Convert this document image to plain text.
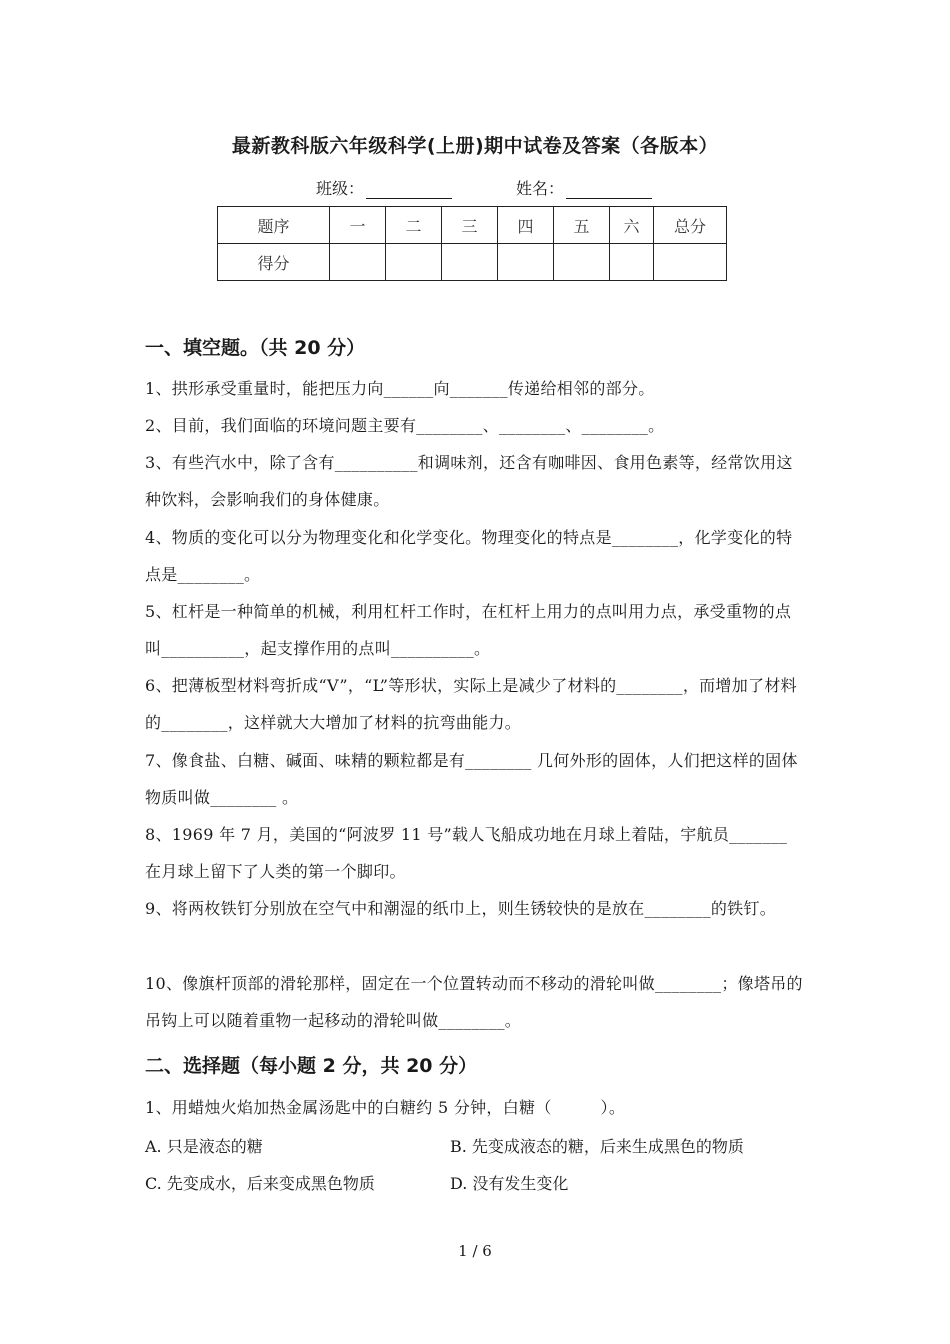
最新教科版六年级科学(上册)期中试卷及答案（各版本）
班级：	姓名：
题序	一	二	三	四	五	六	总分
得分							
一、填空题。（共 20 分）
1、拱形承受重量时，能把压力向______向_______传递给相邻的部分。
2、目前，我们面临的环境问题主要有________、________、________。
3、有些汽水中，除了含有__________和调味剂，还含有咖啡因、食用色素等，经常饮用这种饮料，会影响我们的身体健康。
4、物质的变化可以分为物理变化和化学变化。物理变化的特点是________，化学变化的特点是________。
5、杠杆是一种简单的机械，利用杠杆工作时，在杠杆上用力的点叫用力点，承受重物的点叫__________，起支撑作用的点叫__________。
6、把薄板型材料弯折成“V”，“L”等形状，实际上是减少了材料的________，而增加了材料的________，这样就大大增加了材料的抗弯曲能力。
7、像食盐、白糖、碱面、味精的颗粒都是有________ 几何外形的固体，人们把这样的固体物质叫做________ 。
8、1969 年 7 月，美国的“阿波罗 11 号”载人飞船成功地在月球上着陆，宇航员_______ 在月球上留下了人类的第一个脚印。
9、将两枚铁钉分别放在空气中和潮湿的纸巾上，则生锈较快的是放在________的铁钉。
10、像旗杆顶部的滑轮那样，固定在一个位置转动而不移动的滑轮叫做________；像塔吊的吊钩上可以随着重物一起移动的滑轮叫做________。
二、选择题（每小题 2 分，共 20 分）
1、用蜡烛火焰加热金属汤匙中的白糖约 5 分钟，白糖（　　　）。
A. 只是液态的糖	B. 先变成液态的糖，后来生成黑色的物质
C. 先变成水，后来变成黑色物质	D. 没有发生变化
1 / 6
